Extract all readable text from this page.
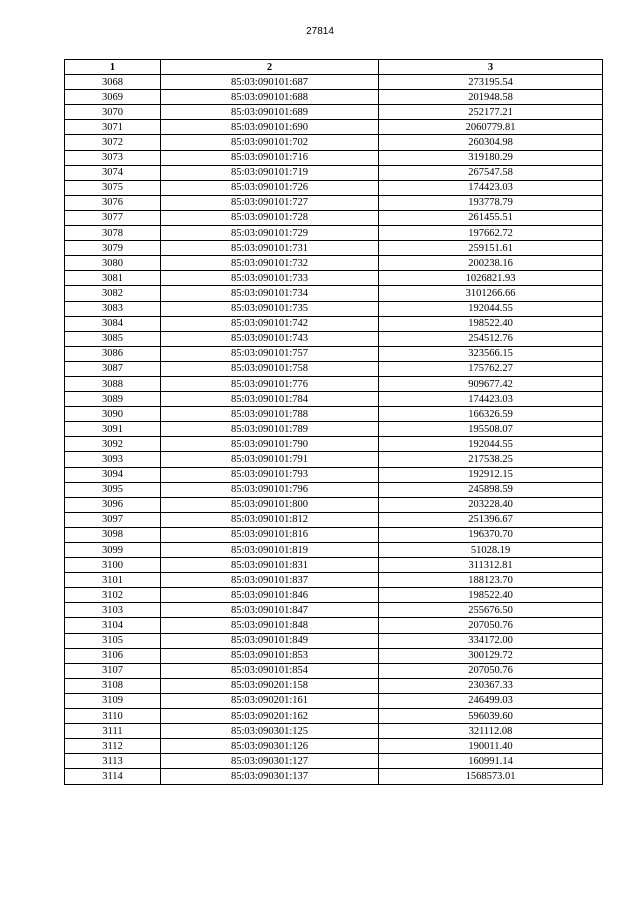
27814
1	2	3
3068	85:03:090101:687	273195.54
3069	85:03:090101:688	201948.58
3070	85:03:090101:689	252177.21
3071	85:03:090101:690	2060779.81
3072	85:03:090101:702	260304.98
3073	85:03:090101:716	319180.29
3074	85:03:090101:719	267547.58
3075	85:03:090101:726	174423.03
3076	85:03:090101:727	193778.79
3077	85:03:090101:728	261455.51
3078	85:03:090101:729	197662.72
3079	85:03:090101:731	259151.61
3080	85:03:090101:732	200238.16
3081	85:03:090101:733	1026821.93
3082	85:03:090101:734	3101266.66
3083	85:03:090101:735	192044.55
3084	85:03:090101:742	198522.40
3085	85:03:090101:743	254512.76
3086	85:03:090101:757	323566.15
3087	85:03:090101:758	175762.27
3088	85:03:090101:776	909677.42
3089	85:03:090101:784	174423.03
3090	85:03:090101:788	166326.59
3091	85:03:090101:789	195508.07
3092	85:03:090101:790	192044.55
3093	85:03:090101:791	217538.25
3094	85:03:090101:793	192912.15
3095	85:03:090101:796	245898.59
3096	85:03:090101:800	203228.40
3097	85:03:090101:812	251396.67
3098	85:03:090101:816	196370.70
3099	85:03:090101:819	51028.19
3100	85:03:090101:831	311312.81
3101	85:03:090101:837	188123.70
3102	85:03:090101:846	198522.40
3103	85:03:090101:847	255676.50
3104	85:03:090101:848	207050.76
3105	85:03:090101:849	334172.00
3106	85:03:090101:853	300129.72
3107	85:03:090101:854	207050.76
3108	85:03:090201:158	230367.33
3109	85:03:090201:161	246499.03
3110	85:03:090201:162	596039.60
3111	85:03:090301:125	321112.08
3112	85:03:090301:126	190011.40
3113	85:03:090301:127	160991.14
3114	85:03:090301:137	1568573.01
